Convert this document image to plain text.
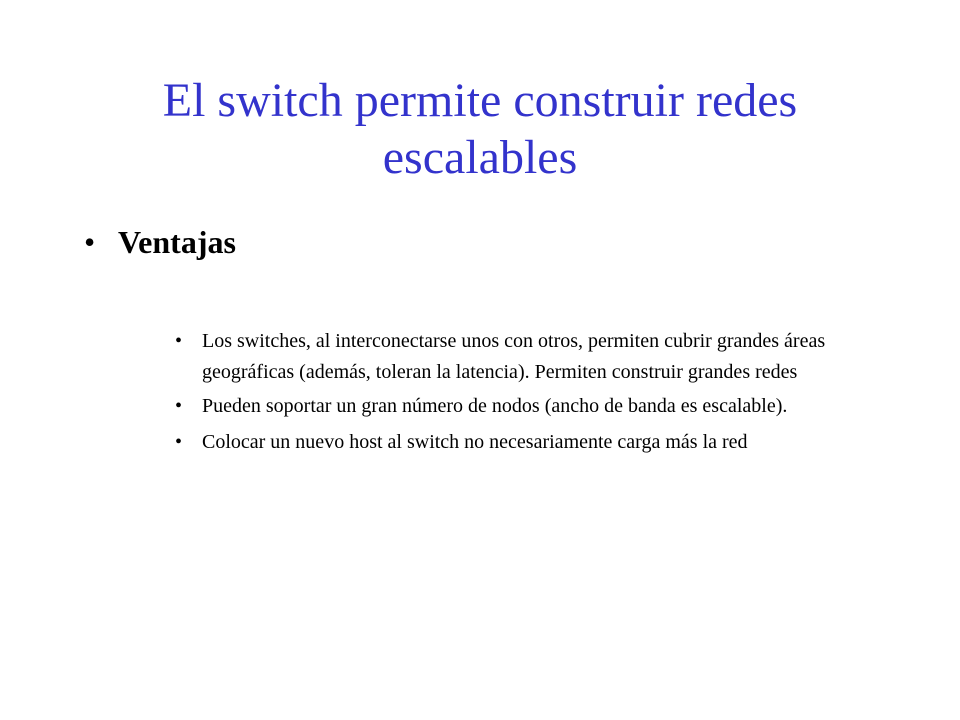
El switch permite construir redes escalables
• Ventajas
• Los switches, al interconectarse unos con otros, permiten cubrir grandes áreas geográficas (además, toleran la latencia). Permiten construir grandes redes
• Pueden soportar un gran número de nodos (ancho de banda es escalable).
• Colocar un nuevo host al switch no necesariamente carga más la red
